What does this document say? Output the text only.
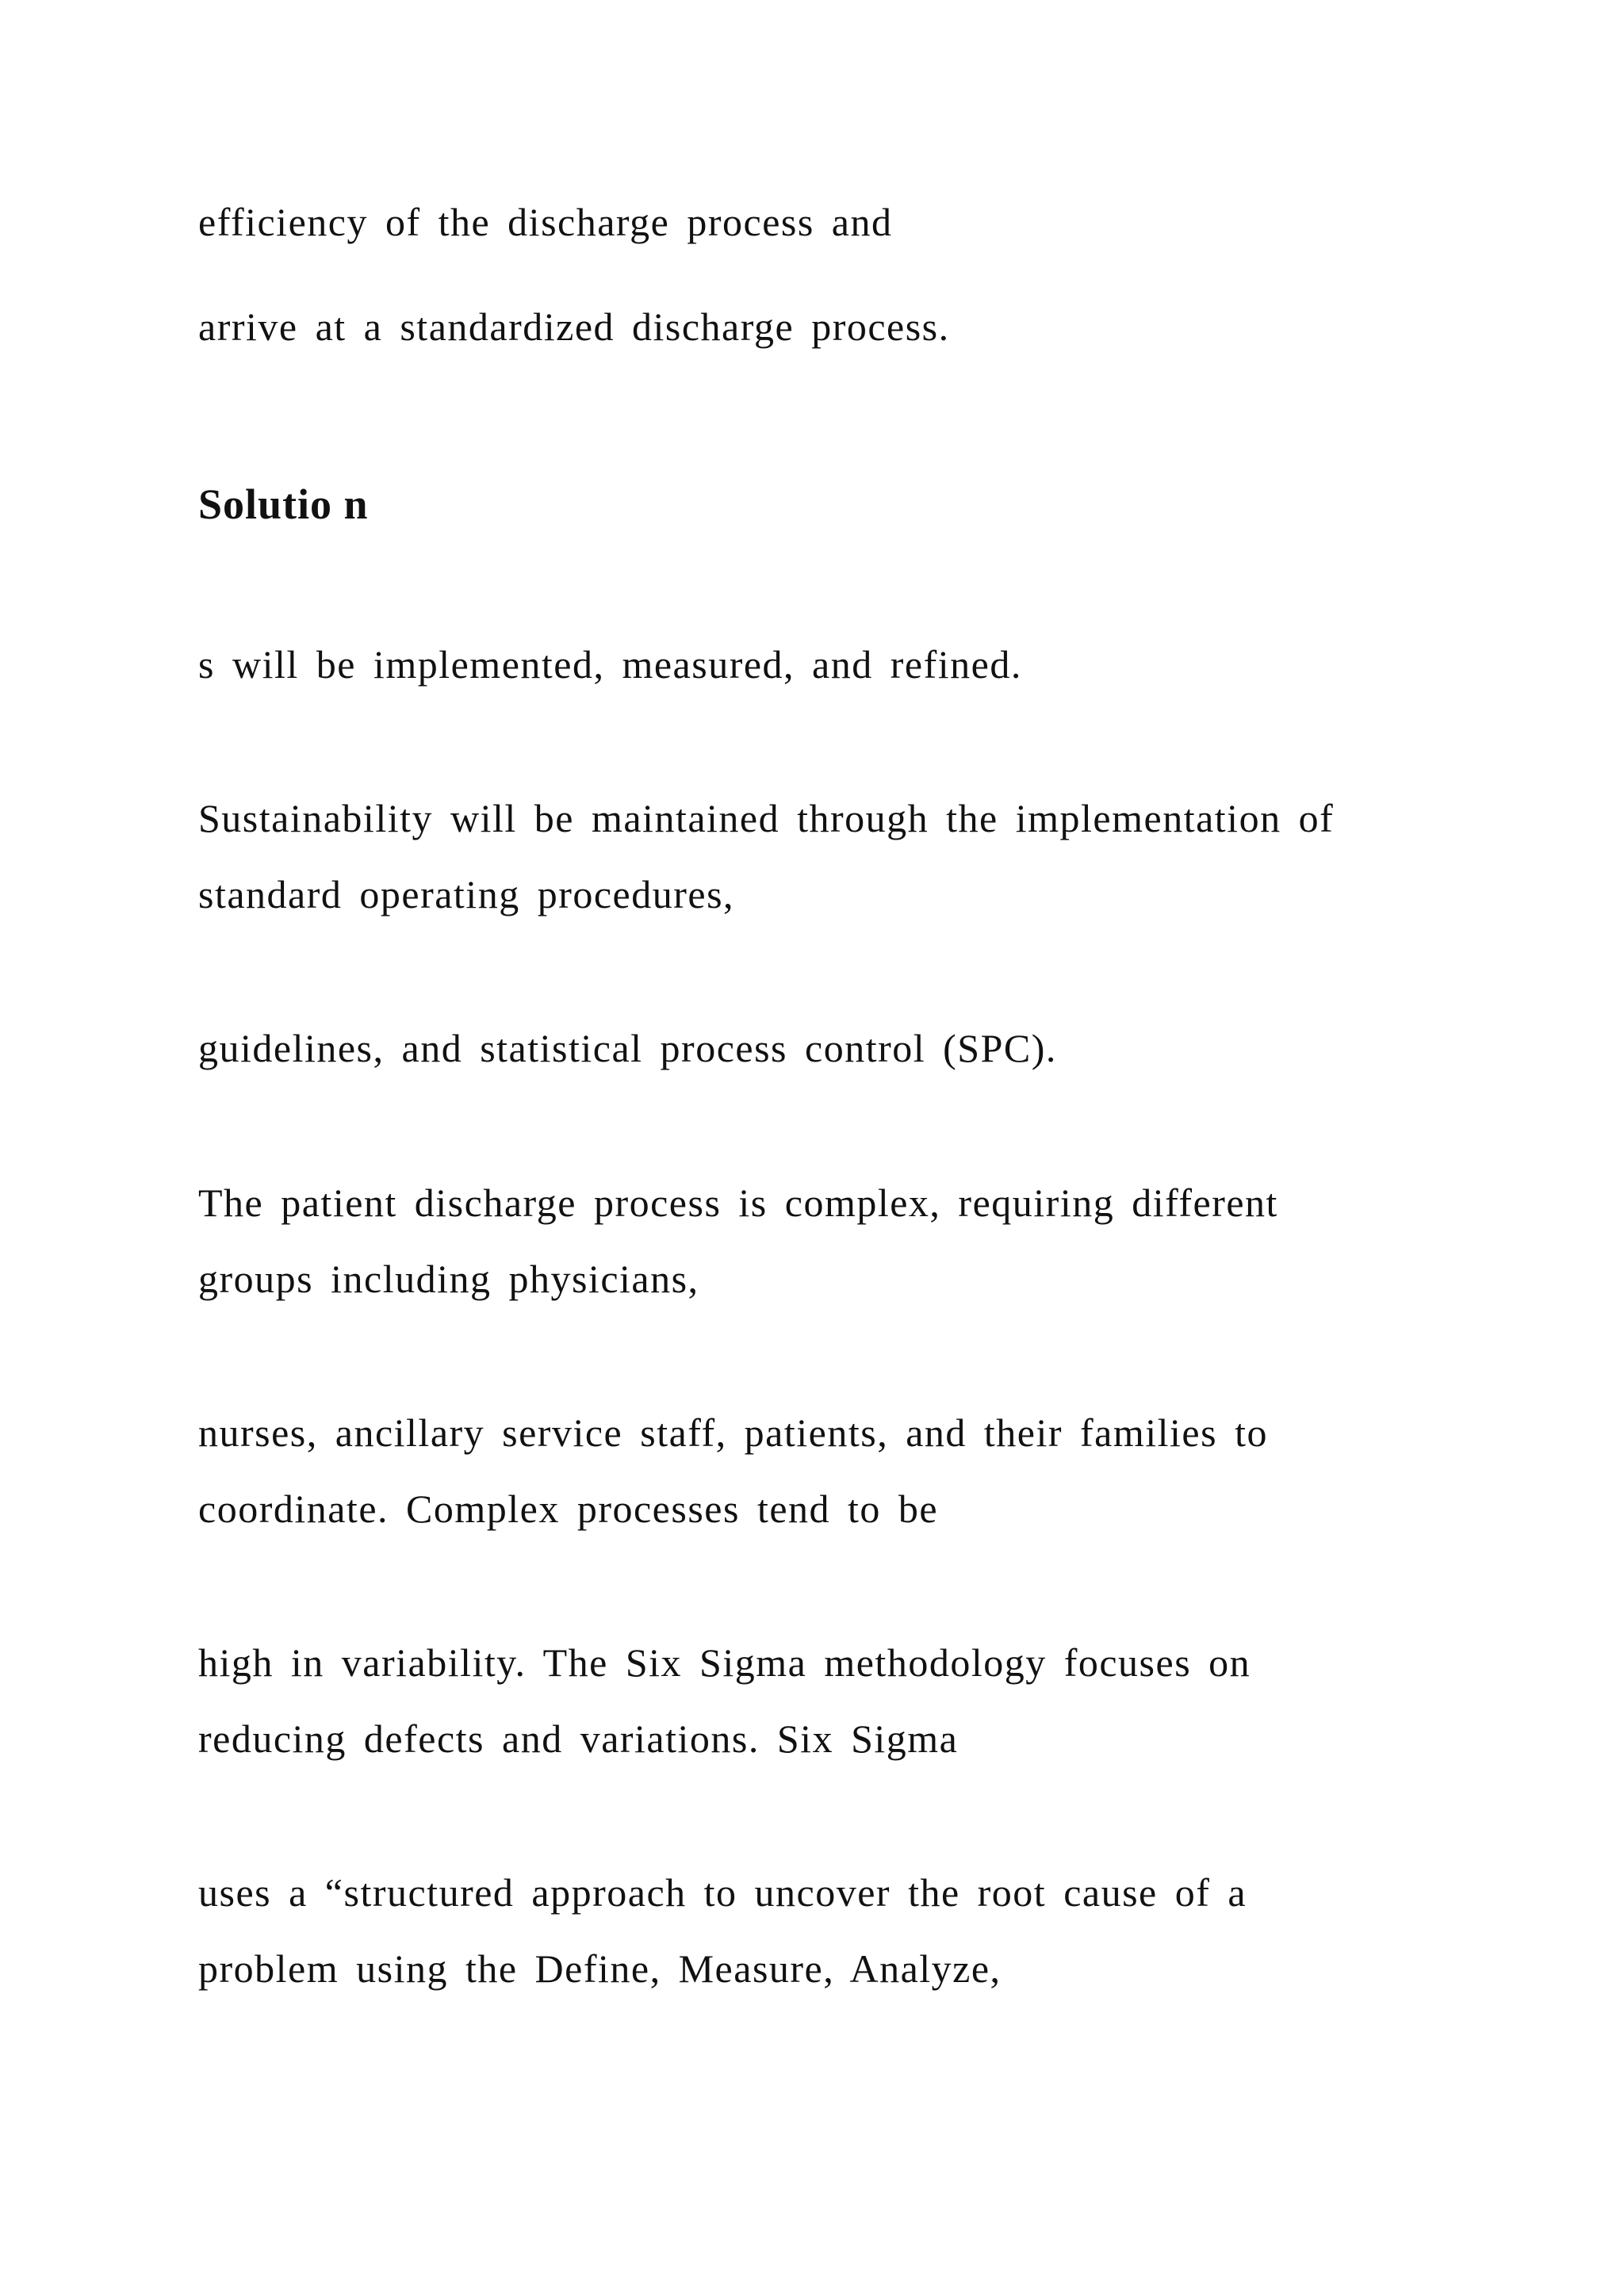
efficiency of the discharge process and

arrive at a standardized discharge process.

Solutio n

s will be implemented, measured, and refined.

Sustainability will be maintained through the implementation of

standard operating procedures,

guidelines, and statistical process control (SPC).

The patient discharge process is complex, requiring different

groups including physicians,

nurses, ancillary service staff, patients, and their families to

coordinate. Complex processes tend to be

high in variability. The Six Sigma methodology focuses on

reducing defects and variations. Six Sigma

uses a “structured approach to uncover the root cause of a

problem using the Define, Measure, Analyze,
